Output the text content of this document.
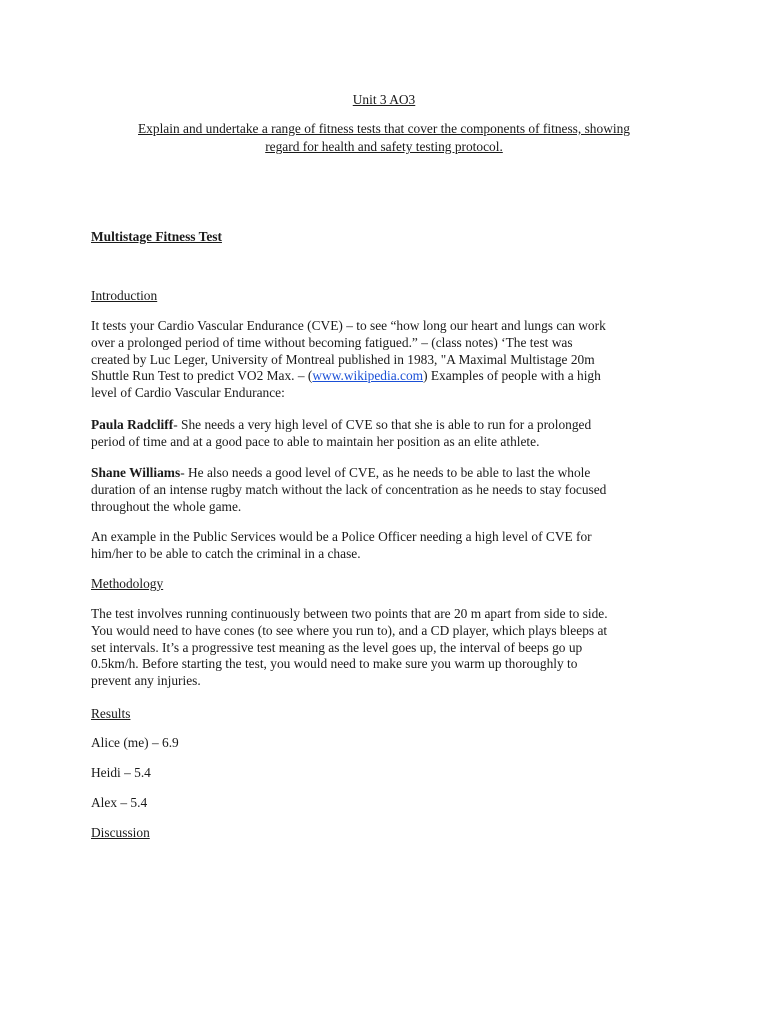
Unit 3 AO3
Explain and undertake a range of fitness tests that cover the components of fitness, showing
regard for health and safety testing protocol.
Multistage Fitness Test
Introduction
It tests your Cardio Vascular Endurance (CVE) – to see “how long our heart and lungs can work
over a prolonged period of time without becoming fatigued.” – (class notes) ‘The test was
created by Luc Leger, University of Montreal published in 1983, "A Maximal Multistage 20m
Shuttle Run Test to predict VO2 Max. – (www.wikipedia.com) Examples of people with a high
level of Cardio Vascular Endurance:
Paula Radcliff- She needs a very high level of CVE so that she is able to run for a prolonged
period of time and at a good pace to able to maintain her position as an elite athlete.
Shane Williams- He also needs a good level of CVE, as he needs to be able to last the whole
duration of an intense rugby match without the lack of concentration as he needs to stay focused
throughout the whole game.
An example in the Public Services would be a Police Officer needing a high level of CVE for
him/her to be able to catch the criminal in a chase.
Methodology
The test involves running continuously between two points that are 20 m apart from side to side.
You would need to have cones (to see where you run to), and a CD player, which plays bleeps at
set intervals. It’s a progressive test meaning as the level goes up, the interval of beeps go up
0.5km/h. Before starting the test, you would need to make sure you warm up thoroughly to
prevent any injuries.
Results
Alice (me) – 6.9
Heidi – 5.4
Alex – 5.4
Discussion
